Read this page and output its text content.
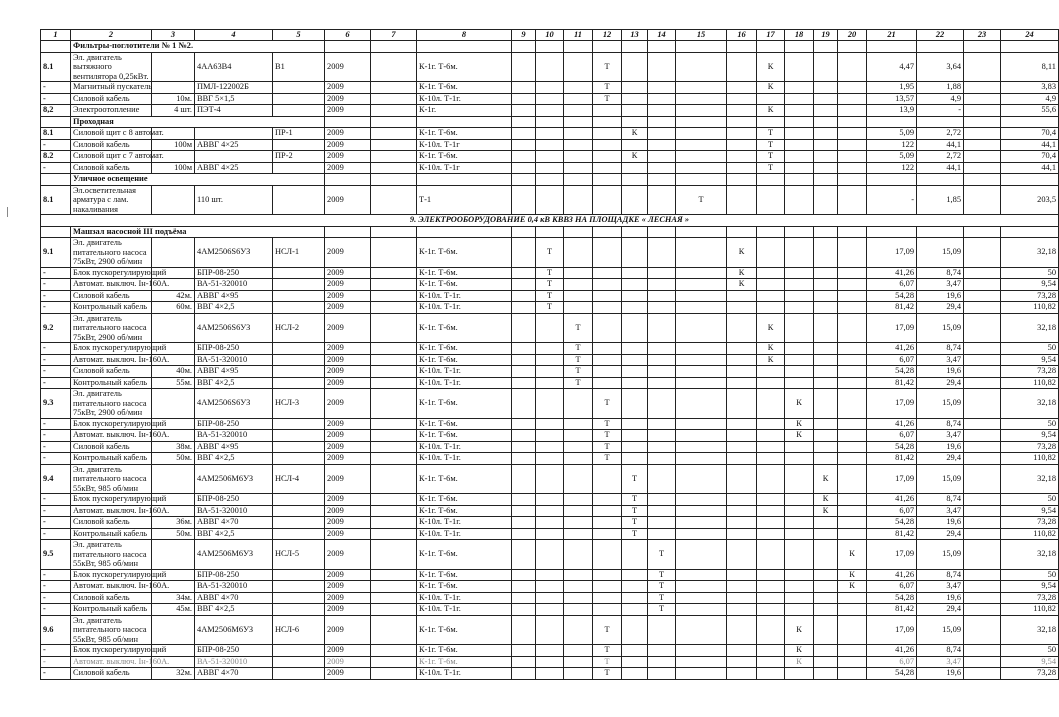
1	2	3	4	5	6	7	8	9	10	11	12	13	14	15	16	17	18	19	20	21	22	23	24
	Фильтры-поглотители № 1 №2.																						
8.1	Эл. двигатель вытяжного вентилятора 0,25кВт.		4АА63В4	В1	2009		К-1г. Т-6м.				Т					К				4,47	3,64		8,11
-	Магнитный пускатель		ПМЛ-122002Б		2009		К-1г. Т-6м.				Т					К				1,95	1,88		3,83
-	Силовой кабель	10м.	ВВГ 5×1,5		2009		К-10л. Т-1г.				Т									13,57	4,9		4,9
8,2	Электроотопление	4 шт.	ПЭТ-4		2009		К-1г.									К				13,9	-		55,6
	Проходная																						
8.1	Силовой щит с 8 автомат.			ПР-1	2009		К-1г. Т-6м.					К				Т				5,09	2,72		70,4
-	Силовой кабель	100м	АВВГ 4×25		2009		К-10л. Т-1г									Т				122	44,1		44,1
8.2	Силовой щит с 7 автомат.			ПР-2	2009		К-1г. Т-6м.					К				Т				5,09	2,72		70,4
-	Силовой кабель	100м	АВВГ 4×25		2009		К-10л. Т-1г									Т				122	44,1		44,1
	Уличное освещение																						
8.1	Эл.осветительная арматура с лам. накаливания		110 шт.		2009		Т-1							Т						-	1,85		203,5
9. ЭЛЕКТРООБОРУДОВАНИЕ 0,4 кВ КВВЗ НА ПЛОЩАДКЕ « ЛЕСНАЯ »																							
	Машзал насосной III подъёма																						
9.1	Эл. двигатель питательного насоса 75кВт, 2900 об/мин		4АМ2506S6УЗ	НСЛ-1	2009		К-1г. Т-6м.		Т						К					17,09	15,09		32,18
-	Блок пускорегулирующий		БПР-08-250		2009		К-1г. Т-6м.		Т						К					41,26	8,74		50
-	Автомат. выключ. Iн-160А.		ВА-51-320010		2009		К-1г. Т-6м.		Т						К					6,07	3,47		9,54
-	Силовой кабель	42м.	АВВГ 4×95		2009		К-10л. Т-1г.		Т											54,28	19,6		73,28
-	Контрольный кабель	60м.	ВВГ 4×2,5		2009		К-10л. Т-1г.		Т											81,42	29,4		110,82
9.2	Эл. двигатель питательного насоса 75кВт, 2900 об/мин		4АМ2506S6УЗ	НСЛ-2	2009		К-1г. Т-6м.			Т						К				17,09	15,09		32,18
-	Блок пускорегулирующий		БПР-08-250		2009		К-1г. Т-6м.			Т						К				41,26	8,74		50
-	Автомат. выключ. Iн-160А.		ВА-51-320010		2009		К-1г. Т-6м.			Т						К				6,07	3,47		9,54
-	Силовой кабель	40м.	АВВГ 4×95		2009		К-10л. Т-1г.			Т										54,28	19,6		73,28
-	Контрольный кабель	55м.	ВВГ 4×2,5		2009		К-10л. Т-1г.			Т										81,42	29,4		110,82
9.3	Эл. двигатель питательного насоса 75кВт, 2900 об/мин		4АМ2506S6УЗ	НСЛ-3	2009		К-1г. Т-6м.				Т						К			17,09	15,09		32,18
-	Блок пускорегулирующий		БПР-08-250		2009		К-1г. Т-6м.				Т						К			41,26	8,74		50
-	Автомат. выключ. Iн-160А.		ВА-51-320010		2009		К-1г. Т-6м.				Т						К			6,07	3,47		9,54
-	Силовой кабель	38м.	АВВГ 4×95		2009		К-10л. Т-1г.				Т									54,28	19,6		73,28
-	Контрольный кабель	50м.	ВВГ 4×2,5		2009		К-10л. Т-1г.				Т									81,42	29,4		110,82
9.4	Эл. двигатель питательного насоса 55кВт, 985 об/мин		4АМ2506М6УЗ	НСЛ-4	2009		К-1г. Т-6м.					Т						К		17,09	15,09		32,18
-	Блок пускорегулирующий		БПР-08-250		2009		К-1г. Т-6м.					Т						К		41,26	8,74		50
-	Автомат. выключ. Iн-160А.		ВА-51-320010		2009		К-1г. Т-6м.					Т						К		6,07	3,47		9,54
-	Силовой кабель	36м.	АВВГ 4×70		2009		К-10л. Т-1г.					Т								54,28	19,6		73,28
-	Контрольный кабель	50м.	ВВГ 4×2,5		2009		К-10л. Т-1г.					Т								81,42	29,4		110,82
9.5	Эл. двигатель питательного насоса 55кВт, 985 об/мин		4АМ2506М6УЗ	НСЛ-5	2009		К-1г. Т-6м.						Т						К	17,09	15,09		32,18
-	Блок пускорегулирующий		БПР-08-250		2009		К-1г. Т-6м.						Т						К	41,26	8,74		50
-	Автомат. выключ. Iн-160А.		ВА-51-320010		2009		К-1г. Т-6м.						Т						К	6,07	3,47		9,54
-	Силовой кабель	34м.	АВВГ 4×70		2009		К-10л. Т-1г.						Т							54,28	19,6		73,28
-	Контрольный кабель	45м.	ВВГ 4×2,5		2009		К-10л. Т-1г.						Т							81,42	29,4		110,82
9.6	Эл. двигатель питательного насоса 55кВт, 985 об/мин		4АМ2506М6УЗ	НСЛ-6	2009		К-1г. Т-6м.				Т						К			17,09	15,09		32,18
-	Блок пускорегулирующий		БПР-08-250		2009		К-1г. Т-6м.				Т						К			41,26	8,74		50
-	Автомат. выключ. Iн-160А.		ВА-51-320010		2009		К-1г. Т-6м.				Т						К			6,07	3,47		9,54
-	Силовой кабель	32м.	АВВГ 4×70		2009		К-10л. Т-1г.				Т									54,28	19,6		73,28
